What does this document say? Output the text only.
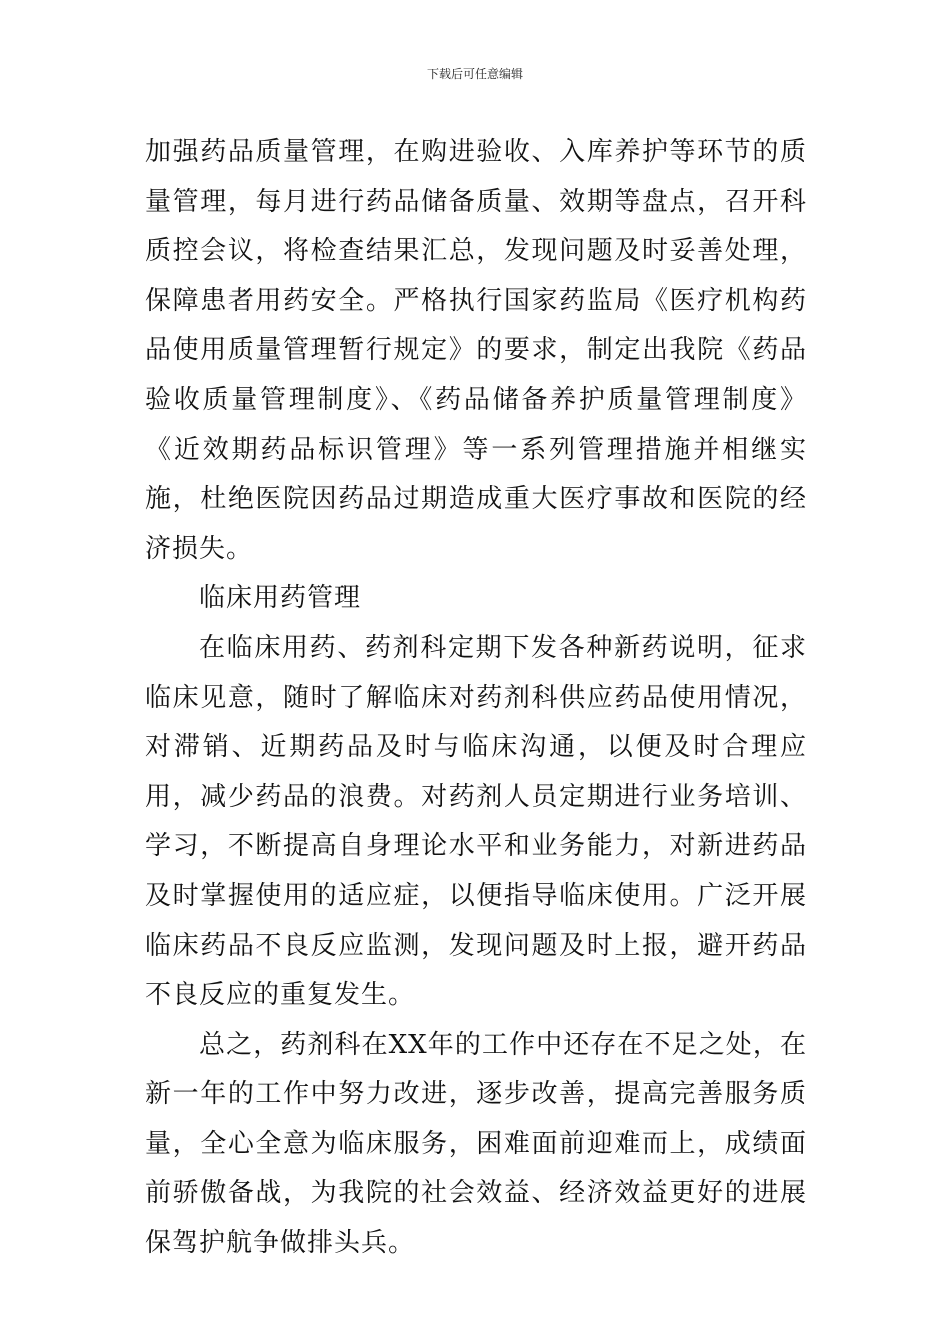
下载后可任意编辑

加强药品质量管理，在购进验收、入库养护等环节的质量管理，每月进行药品储备质量、效期等盘点，召开科质控会议，将检查结果汇总，发现问题及时妥善处理，保障患者用药安全。严格执行国家药监局《医疗机构药品使用质量管理暂行规定》的要求，制定出我院《药品验收质量管理制度》、《药品储备养护质量管理制度》《近效期药品标识管理》等一系列管理措施并相继实施，杜绝医院因药品过期造成重大医疗事故和医院的经济损失。

临床用药管理

在临床用药、药剂科定期下发各种新药说明，征求临床见意，随时了解临床对药剂科供应药品使用情况，对滞销、近期药品及时与临床沟通，以便及时合理应用，减少药品的浪费。对药剂人员定期进行业务培训、学习，不断提高自身理论水平和业务能力，对新进药品及时掌握使用的适应症，以便指导临床使用。广泛开展临床药品不良反应监测，发现问题及时上报，避开药品不良反应的重复发生。

总之，药剂科在XX年的工作中还存在不足之处，在新一年的工作中努力改进，逐步改善，提高完善服务质量，全心全意为临床服务，困难面前迎难而上，成绩面前骄傲备战，为我院的社会效益、经济效益更好的进展保驾护航争做排头兵。
